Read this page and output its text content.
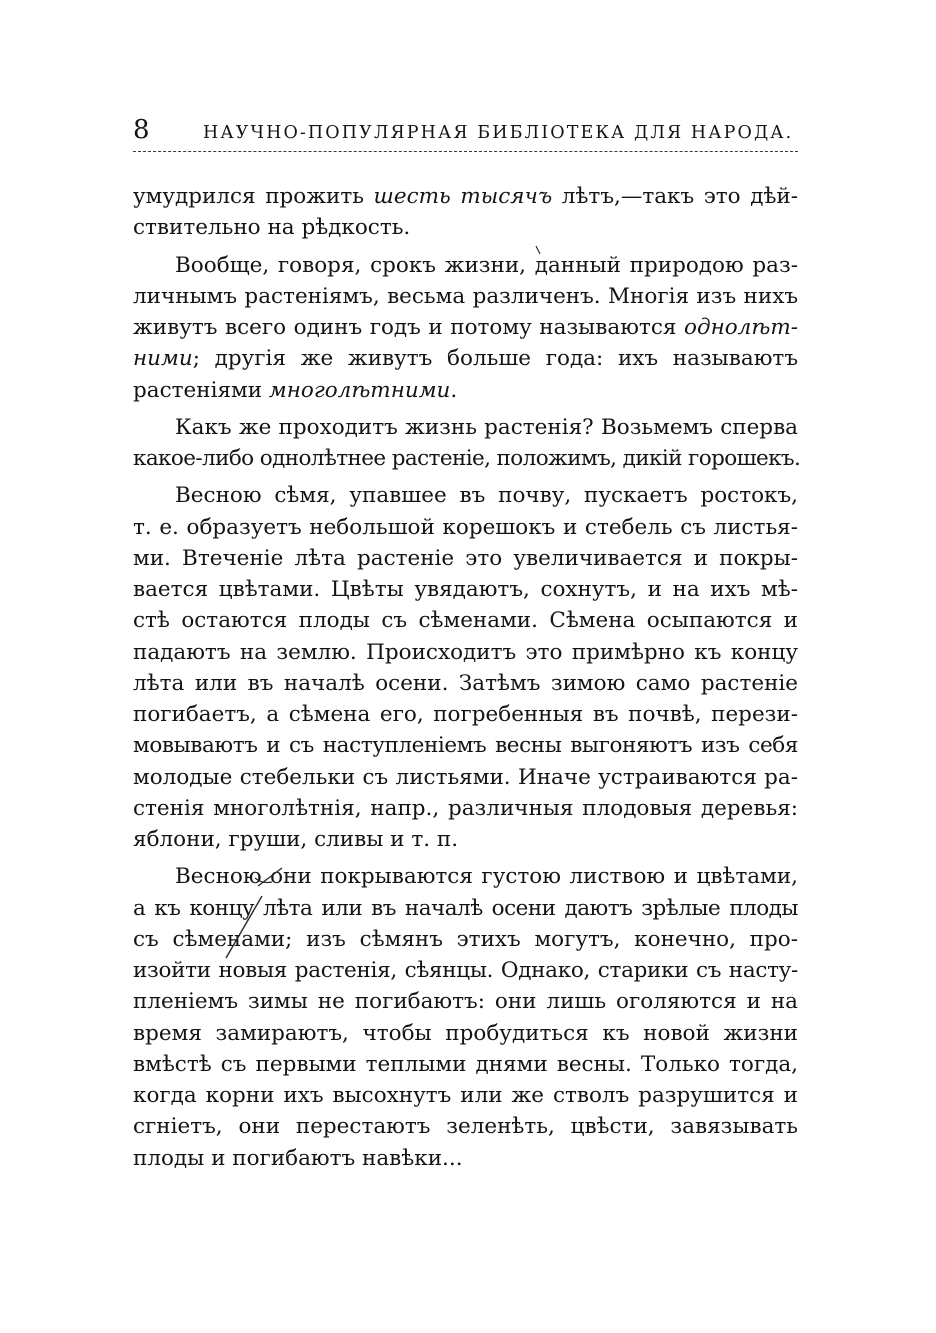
8	НАУЧНО-ПОПУЛЯРНАЯ БИБЛІОТЕКА ДЛЯ НАРОДА.
умудрился прожить шесть тысячъ лѣтъ,—такъ это дѣй-
ствительно на рѣдкость.
Вообще, говоря, срокъ жизни, данный природою раз-
личнымъ растеніямъ, весьма различенъ. Многія изъ нихъ
живутъ всего одинъ годъ и потому называются однолѣт-
ними; другія же живутъ больше года: ихъ называютъ
растеніями многолѣтними.
Какъ же проходитъ жизнь растенія? Возьмемъ сперва
какое-либо однолѣтнее растеніе, положимъ, дикій горошекъ.
Весною сѣмя, упавшее въ почву, пускаетъ ростокъ,
т. е. образуетъ небольшой корешокъ и стебель съ листья-
ми. Втеченіе лѣта растеніе это увеличивается и покры-
вается цвѣтами. Цвѣты увядаютъ, сохнутъ, и на ихъ мѣ-
стѣ остаются плоды съ сѣменами. Сѣмена осыпаются и
падаютъ на землю. Происходитъ это примѣрно къ концу
лѣта или въ началѣ осени. Затѣмъ зимою само растеніе
погибаетъ, а сѣмена его, погребенныя въ почвѣ, перези-
мовываютъ и съ наступленіемъ весны выгоняютъ изъ себя
молодые стебельки съ листьями. Иначе устраиваются ра-
стенія многолѣтнія, напр., различныя плодовыя деревья:
яблони, груши, сливы и т. п.
Весною они покрываются густою листвою и цвѣтами,
а къ концу лѣта или въ началѣ осени даютъ зрѣлые плоды
съ сѣменами; изъ сѣмянъ этихъ могутъ, конечно, про-
изойти новыя растенія, сѣянцы. Однако, старики съ насту-
пленіемъ зимы не погибаютъ: они лишь оголяются и на
время замираютъ, чтобы пробудиться къ новой жизни
вмѣстѣ съ первыми теплыми днями весны. Только тогда,
когда корни ихъ высохнутъ или же стволъ разрушится и
сгніетъ, они перестаютъ зеленѣть, цвѣсти, завязывать
плоды и погибаютъ навѣки...
